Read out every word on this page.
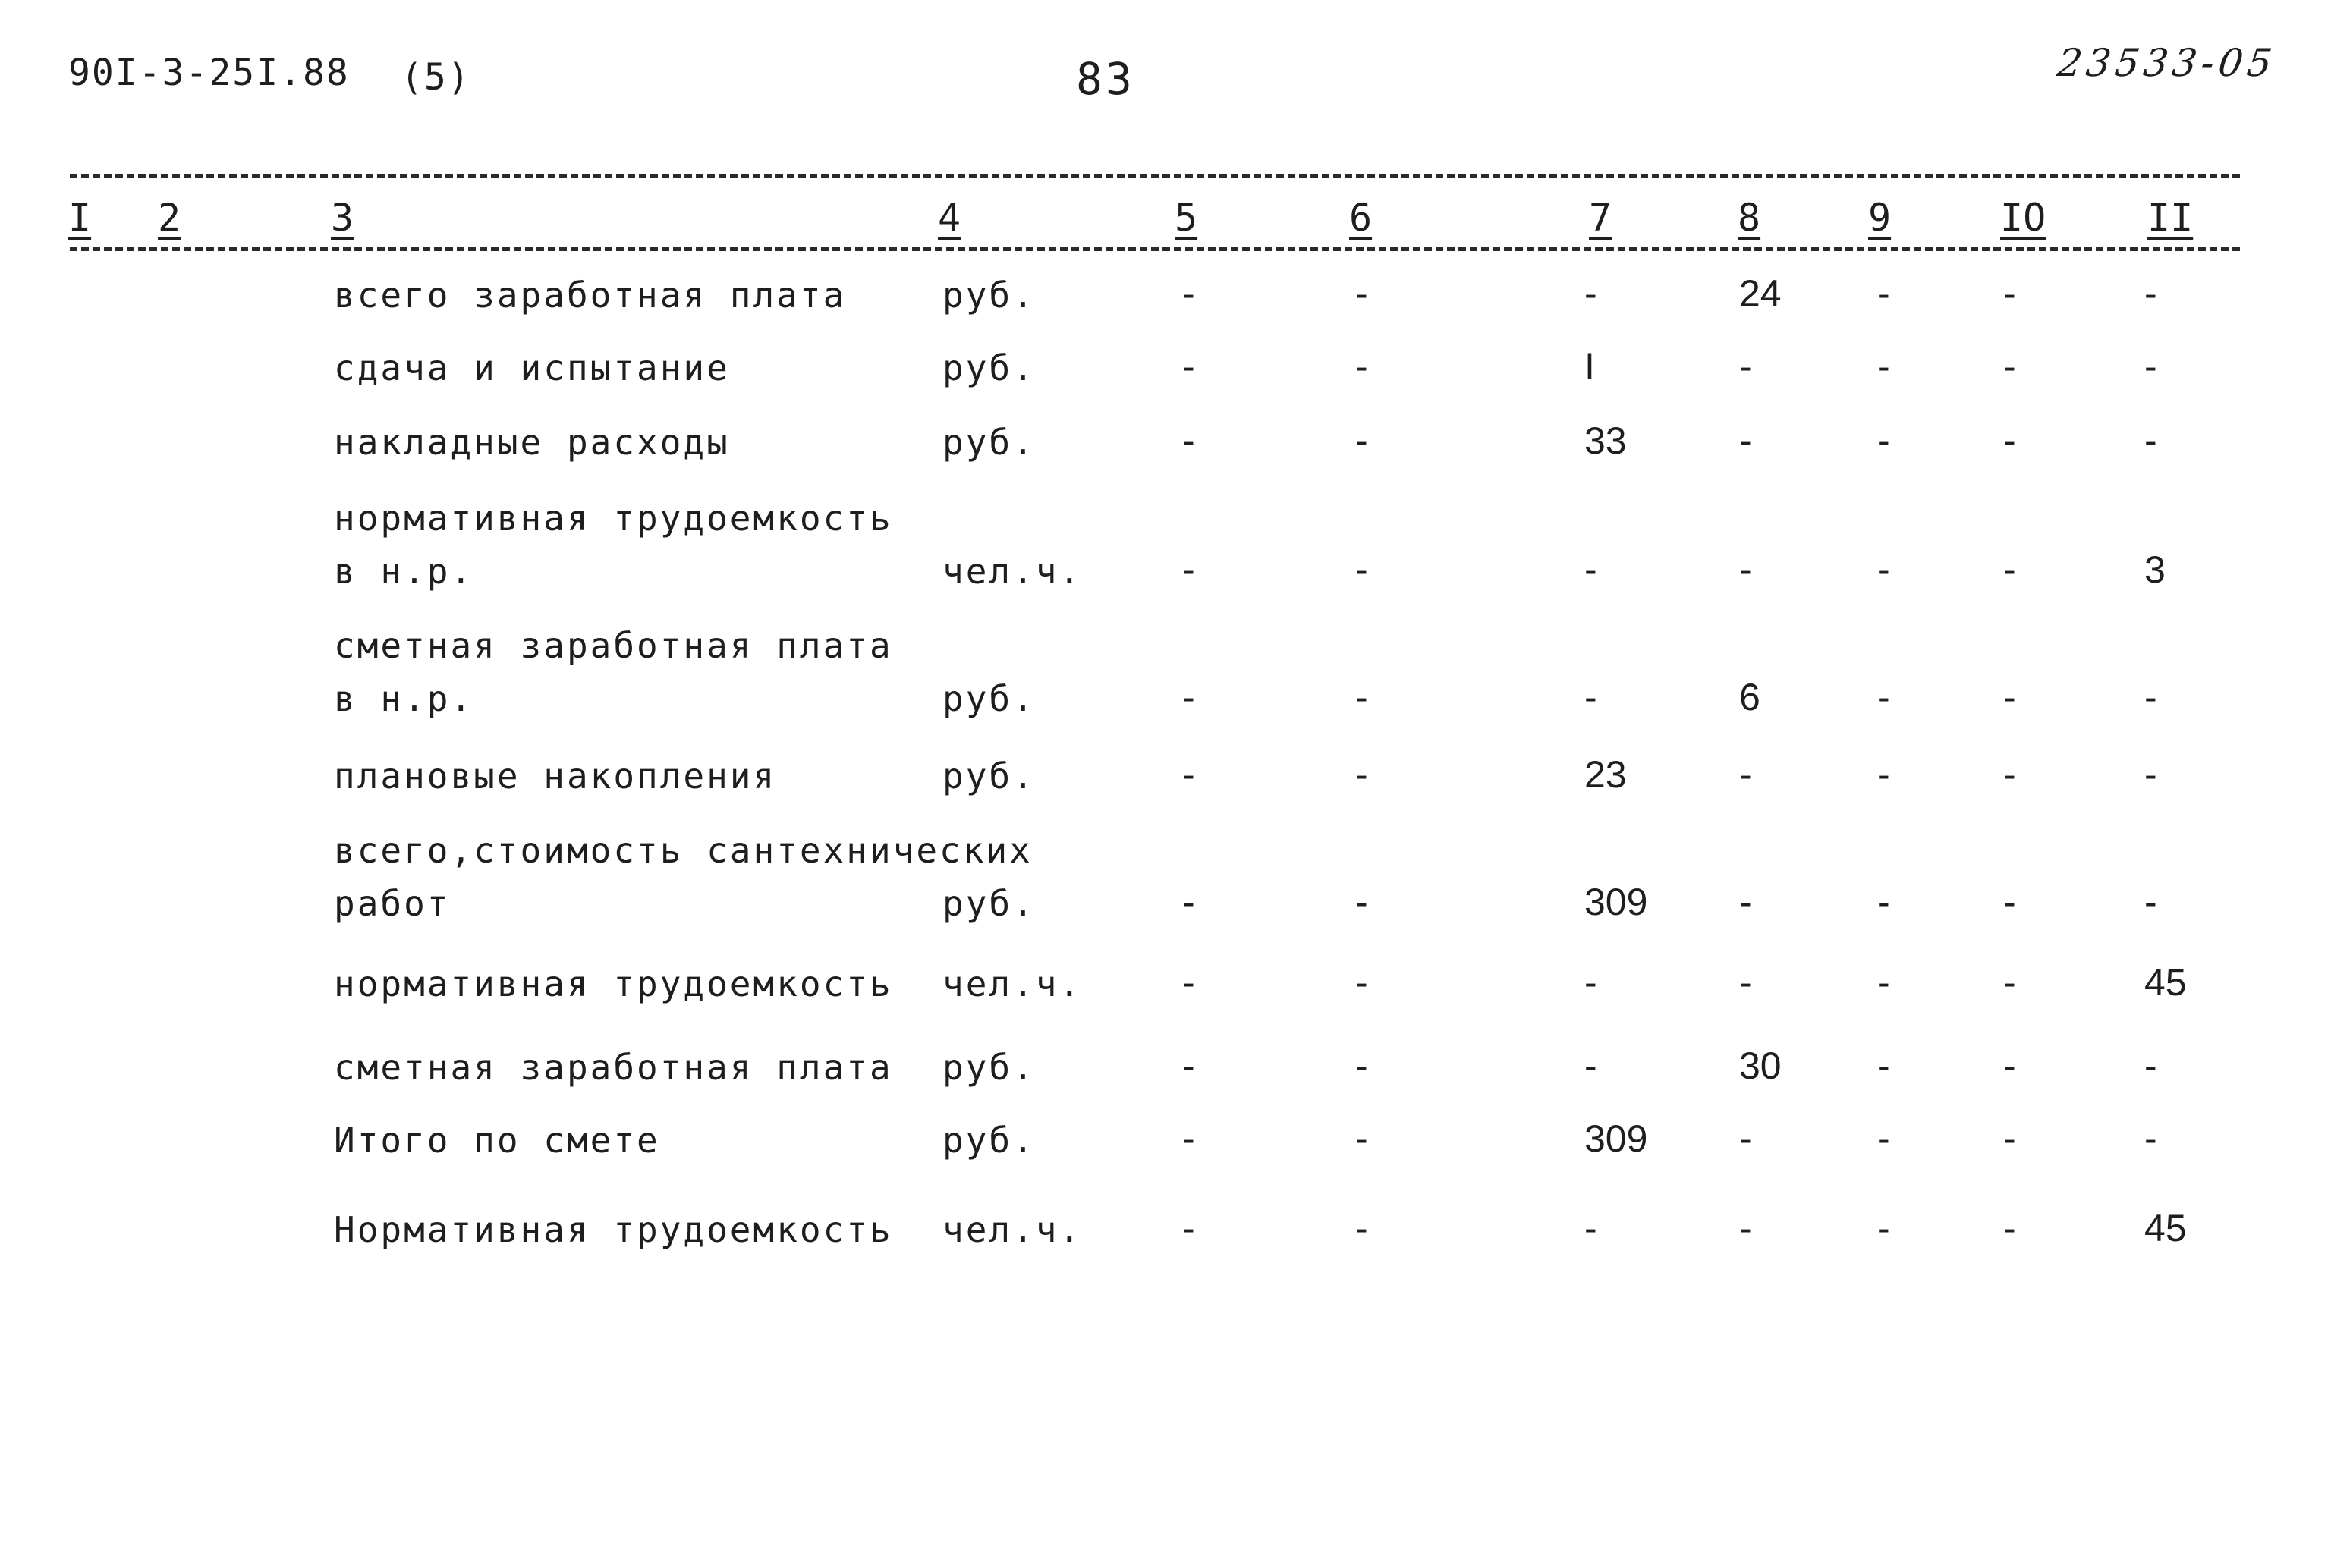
90I-3-25I.88 (5)	83	23533-05
I 2	3	4	5	6	7	8	9	IO	II
всего заработная плата	руб.	-	-	-	24	-	-	-
сдача и испытание	руб.	-	-	I	-	-	-	-
накладные расходы	руб.	-	-	33	-	-	-	-
нормативная трудоемкость
в н.р.	чел.ч.	-	-	-	-	-	-	3
сметная заработная плата
в н.р.	руб.	-	-	-	6	-	-	-
плановые накопления	руб.	-	-	23	-	-	-	-
всего,стоимость сантехнических
работ	руб.	-	-	309 -	-	-	-
нормативная трудоемкость чел.ч.	-	-	-	-	-	-	45
сметная заработная плата руб.	-	-	-	30	-	-	-
Итого по смете	руб.	-	-	309 -	-	-	-
Нормативная трудоемкость чел.ч.	-	-	-	-	-	-	45
